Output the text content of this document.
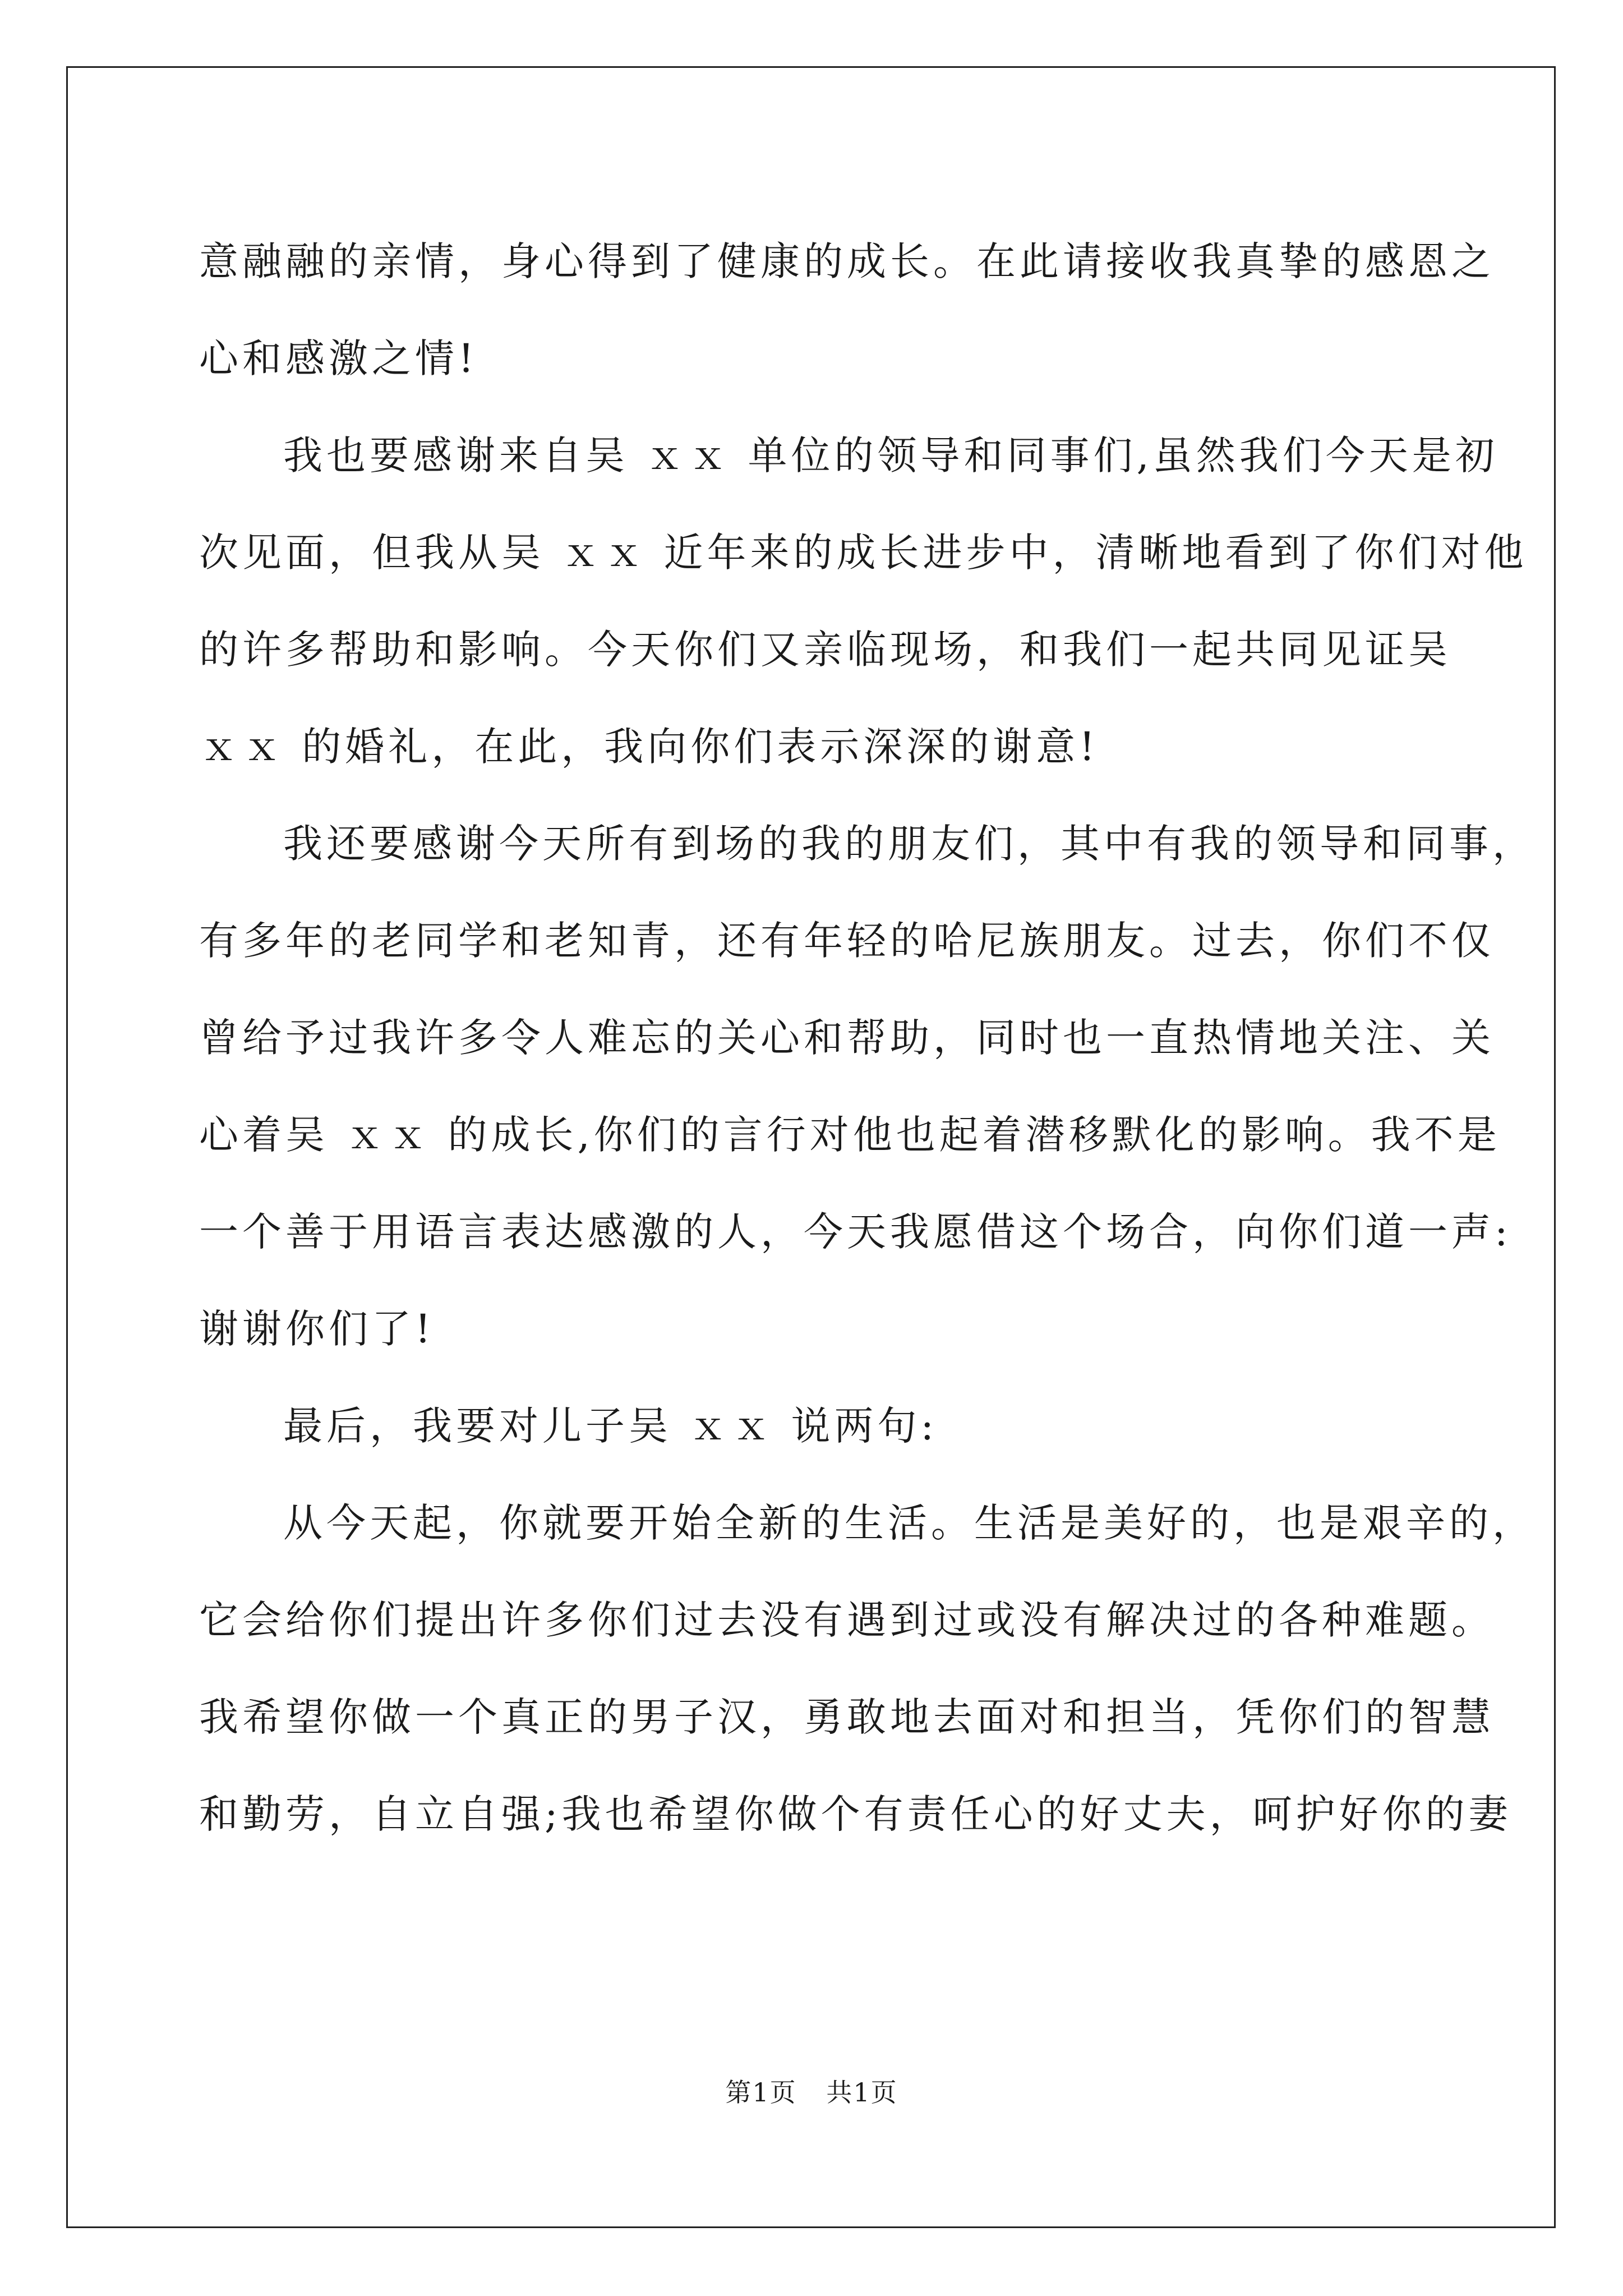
意融融的亲情，身心得到了健康的成长。在此请接收我真挚的感恩之
心和感激之情!
我也要感谢来自吴 ｘｘ 单位的领导和同事们,虽然我们今天是初
次见面，但我从吴 ｘｘ 近年来的成长进步中，清晰地看到了你们对他
的许多帮助和影响。今天你们又亲临现场，和我们一起共同见证吴
ｘｘ 的婚礼，在此，我向你们表示深深的谢意!
我还要感谢今天所有到场的我的朋友们，其中有我的领导和同事，
有多年的老同学和老知青，还有年轻的哈尼族朋友。过去，你们不仅
曾给予过我许多令人难忘的关心和帮助，同时也一直热情地关注、关
心着吴 ｘｘ 的成长,你们的言行对他也起着潜移默化的影响。我不是
一个善于用语言表达感激的人，今天我愿借这个场合，向你们道一声:
谢谢你们了!
最后，我要对儿子吴 ｘｘ 说两句:
从今天起，你就要开始全新的生活。生活是美好的，也是艰辛的，
它会给你们提出许多你们过去没有遇到过或没有解决过的各种难题。
我希望你做一个真正的男子汉，勇敢地去面对和担当，凭你们的智慧
和勤劳，自立自强;我也希望你做个有责任心的好丈夫，呵护好你的妻
第1页 共1页
